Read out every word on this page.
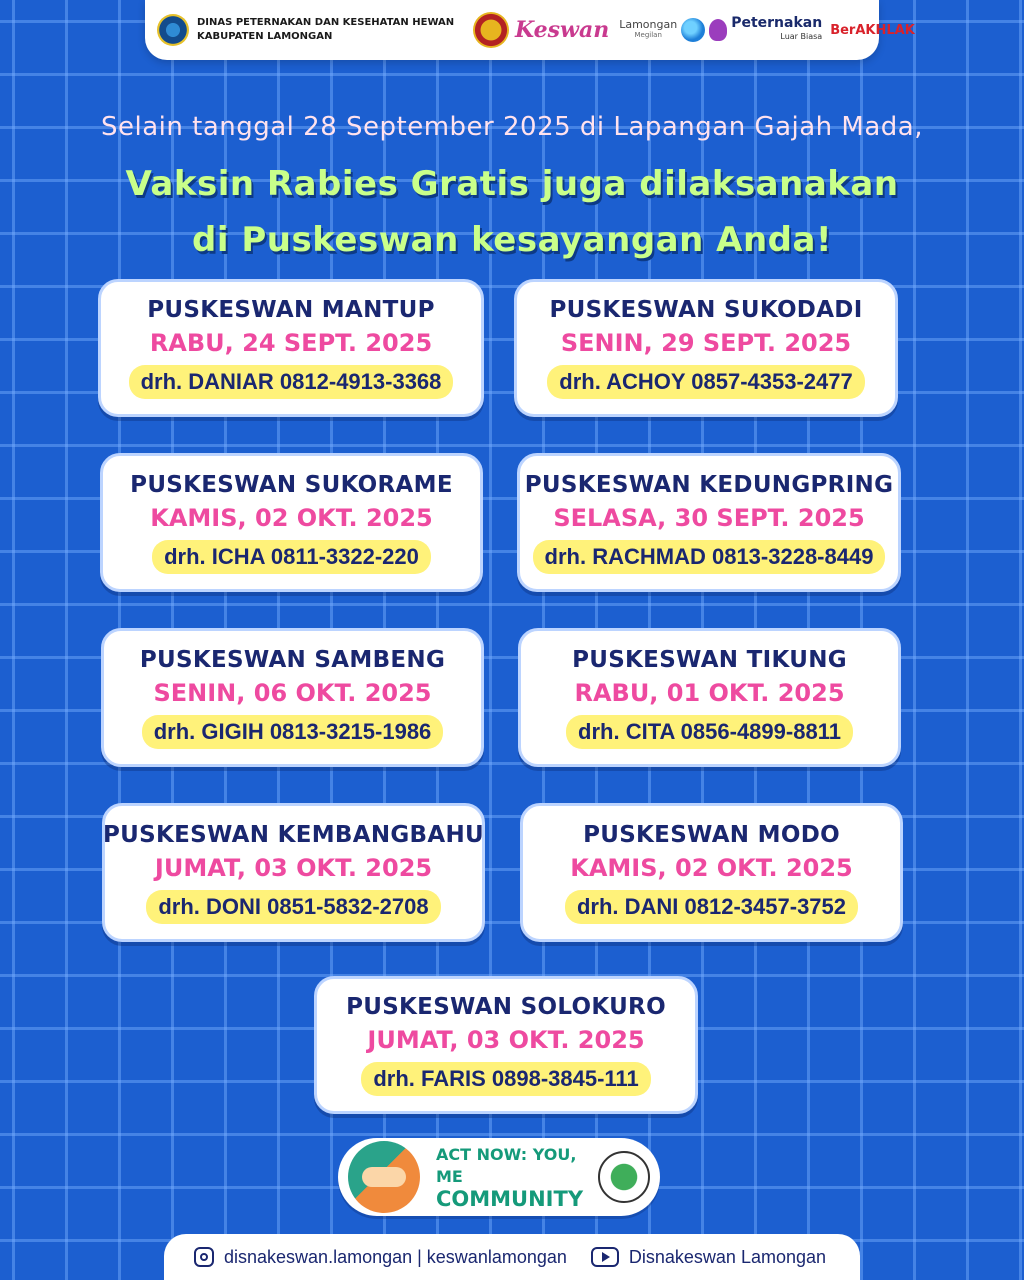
DINAS PETERNAKAN DAN KESEHATAN HEWAN
KABUPATEN LAMONGAN	Keswan Lamongan
Megilan
Peternakan
Luar Biasa BerAKHLAK
Selain tanggal 28 September 2025 di Lapangan Gajah Mada,
Vaksin Rabies Gratis juga dilaksanakan
di Puskeswan kesayangan Anda!
PUSKESWAN MANTUP
RABU, 24 SEPT. 2025
drh. DANIAR 0812-4913-3368
PUSKESWAN SUKODADI
SENIN, 29 SEPT. 2025
drh. ACHOY 0857-4353-2477
PUSKESWAN SUKORAME
KAMIS, 02 OKT. 2025
drh. ICHA 0811-3322-220
PUSKESWAN KEDUNGPRING
SELASA, 30 SEPT. 2025
drh. RACHMAD 0813-3228-8449
PUSKESWAN SAMBENG
SENIN, 06 OKT. 2025
drh. GIGIH 0813-3215-1986
PUSKESWAN TIKUNG
RABU, 01 OKT. 2025
drh. CITA 0856-4899-8811
PUSKESWAN KEMBANGBAHU
JUMAT, 03 OKT. 2025
drh. DONI 0851-5832-2708
PUSKESWAN MODO
KAMIS, 02 OKT. 2025
drh. DANI 0812-3457-3752
PUSKESWAN SOLOKURO
JUMAT, 03 OKT. 2025
drh. FARIS 0898-3845-111
ACT NOW: YOU, ME
COMMUNITY
disnakeswan.lamongan | keswanlamongan	Disnakeswan Lamongan
